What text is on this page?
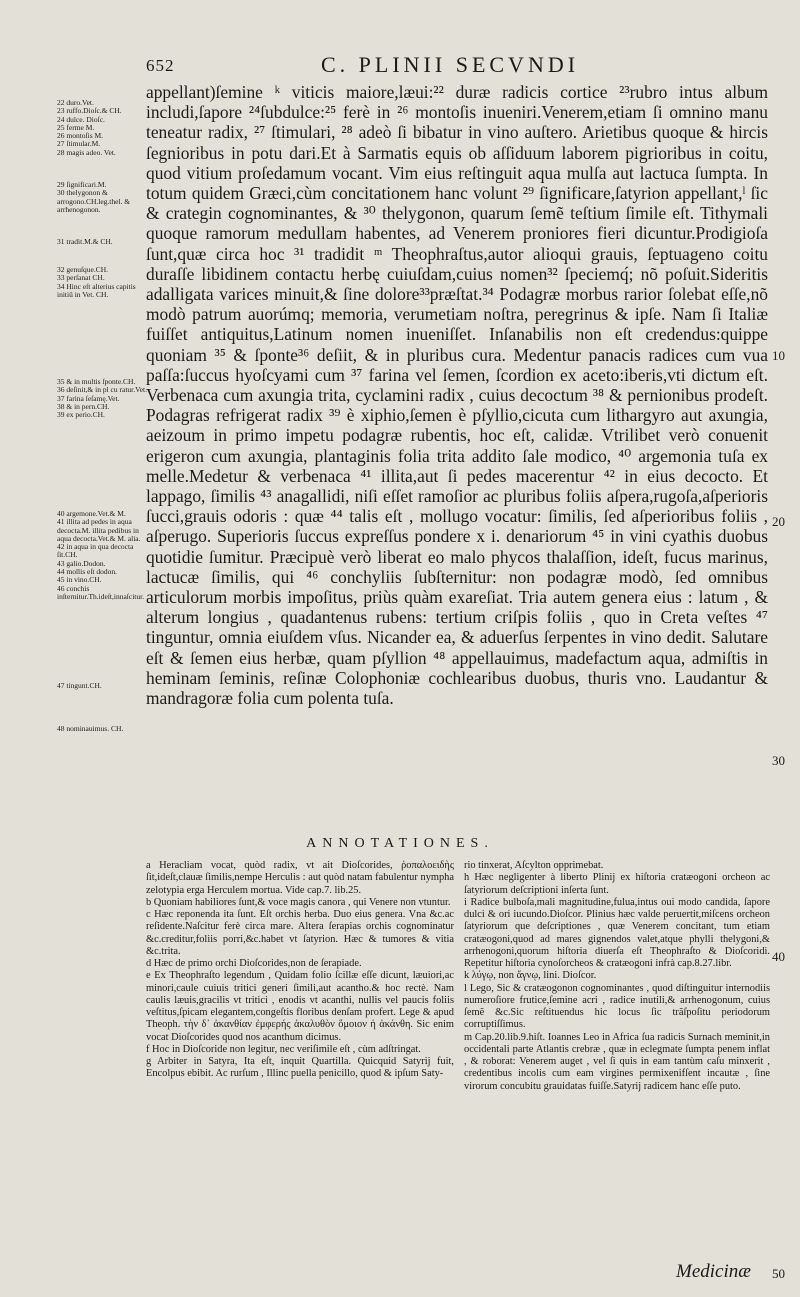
652	C. PLINII SECVNDI
22 duro.Vet.
23 ruffo.Dioſc.& CH.
24 dulce. Dioſc.
25 ferme M.
26 montoſis M.
27 ſtimular.M.
28 magis adeo. Vet.
29 ſignificari.M.
30 thelygonon & arrogono.CH.leg.thel. & arrhenogonon.
31 tradit.M.& CH.
32 genuſque.CH.
33 perſanat CH.
34 Hinc eſt alterius capitis initiũ in Vet. CH.
35 & in multis ſponte.CH.
36 deſinit,& in pl cu ratur.Vet.
37 farina ſeſamę.Vet.
38 & in pern.CH.
39 ex perio.CH.
40 argemone.Vet.& M.
41 illita ad pedes in aqua decocta.M. illita pedibus in aqua decocta.Vet.& M. alia.
42 in aqua in qua decocta ſit.CH.
43 galio.Dodon.
44 mollis eſt dodon.
45 in vino.CH.
46 conchis inſternitur.Th.ideſt,innaſcitur.
47 tingunt.CH.
48 nominauimus. CH.

appellant)ſemine ᵏ viticis maiore,læui:²² duræ radicis cortice ²³rubro intus album includi,ſapore ²⁴ſubdulce:²⁵ ferè in ²⁶ montoſis inueniri.Venerem,etiam ſi omnino manu teneatur radix, ²⁷ ſtimulari, ²⁸ adeò ſi bibatur in vino auſtero. Arietibus quoque & hircis ſegnioribus in potu dari.Et à Sarmatis equis ob aſſiduum laborem pigrioribus in coitu, quod vitium proſedamum vocant. Vim eius reſtinguit aqua mulſa aut lactuca ſumpta. In totum quidem Græci,cùm concitationem hanc volunt ²⁹ ſignificare,ſatyrion appellant,ˡ ſic & crategin cognominantes, & ³⁰ thelygonon, quarum ſemẽ teſtium ſimile eſt. Tithymali quoque ramorum medullam habentes, ad Venerem proniores fieri dicuntur.Prodigioſa ſunt,quæ circa hoc ³¹ tradidit ᵐ Theophraſtus,autor alioqui grauis, ſeptuageno coitu duraſſe libidinem contactu herbę cuiuſdam,cuius nomen³² ſpeciemq́; nõ poſuit.Sideritis adalligata varices minuit,& ſine dolore³³præſtat.³⁴ Podagræ morbus rarior ſolebat eſſe,nõ modò patrum auorúmq; memoria, verumetiam noſtra, peregrinus & ipſe. Nam ſi Italiæ fuiſſet antiquitus,Latinum nomen inueniſſet. Inſanabilis non eſt credendus:quippe quoniam ³⁵ & ſponte³⁶ deſiit, & in pluribus cura. Medentur panacis radices cum vua paſſa:ſuccus hyoſcyami cum ³⁷ farina vel ſemen, ſcordion ex aceto:iberis,vti dictum eſt. Verbenaca cum axungia trita, cyclamini radix , cuius decoctum ³⁸ & pernionibus prodeſt. Podagras refrigerat radix ³⁹ è xiphio,ſemen è pſyllio,cicuta cum lithargyro aut axungia, aeizoum in primo impetu podagræ rubentis, hoc eſt, calidæ. Vtrilibet verò conuenit erigeron cum axungia, plantaginis folia trita addito ſale modico, ⁴⁰ argemonia tuſa ex melle.Medetur & verbenaca ⁴¹ illita,aut ſi pedes macerentur ⁴² in eius decocto. Et lappago, ſimilis ⁴³ anagallidi, niſi eſſet ramoſior ac pluribus foliis aſpera,rugoſa,aſperioris ſucci,grauis odoris : quæ ⁴⁴ talis eſt , mollugo vocatur: ſimilis, ſed aſperioribus foliis , aſperugo. Superioris ſuccus expreſſus pondere x i. denariorum ⁴⁵ in vini cyathis duobus quotidie ſumitur. Præcipuè verò liberat eo malo phycos thalaſſion, ideſt, fucus marinus, lactucæ ſimilis, qui ⁴⁶ conchyliis ſubſternitur: non podagræ modò, ſed omnibus articulorum morbis impoſitus, priùs quàm exareſiat. Tria autem genera eius : latum , & alterum longius , quadantenus rubens: tertium criſpis foliis , quo in Creta veſtes ⁴⁷ tinguntur, omnia eiuſdem vſus. Nicander ea, & aduerſus ſerpentes in vino dedit. Salutare eſt & ſemen eius herbæ, quam pſyllion ⁴⁸ appellauimus, madefactum aqua, admiſtis in heminam ſeminis, reſinæ Colophoniæ cochlearibus duobus, thuris vno. Laudantur & mandragoræ folia cum polenta tuſa.

10
20
30
40
50
ANNOTATIONES.

a Heracliam vocat, quòd radix, vt ait Dioſcorides, ῥοπαλοειδὴς ſit,ideſt,clauæ ſimilis,nempe Herculis : aut quòd natam fabulentur nympha zelotypia erga Herculem mortua. Vide cap.7. lib.25.

b Quoniam habiliores ſunt,& voce magis canora , qui Venere non vtuntur.

c Hæc reponenda ita ſunt. Eſt orchis herba. Duo eius genera. Vna &c.ac reſidente.Naſcitur ferè circa mare. Altera ſerapias orchis cognominatur &c.creditur,foliis porri,&c.habet vt ſatyrion. Hæc & tumores & vitia &c.trita.

d Hæc de primo orchi Dioſcorides,non de ſerapiade.

e Ex Theophraſto legendum , Quidam folio ſcillæ eſſe dicunt, læuiori,ac minori,caule cuiuis tritici generi ſimili,aut acantho.& hoc rectè. Nam caulis læuis,gracilis vt tritici , enodis vt acanthi, nullis vel paucis foliis veſtitus,ſpicam elegantem,congeſtis floribus denſam profert. Lege & apud Theoph. τὴν δ᾽ ἀκανθίαν ἐμφερής ἀκαλυθὸν ὅμοιον ἡ ἀκάνθη. Sic enim vocat Dioſcorides quod nos acanthum dicimus.

f Hoc in Dioſcoride non legitur, nec veriſimile eſt , cùm adſtringat.

g Arbiter in Satyra, Ita eſt, inquit Quartilla. Quicquid Satyrij fuit, Encolpus ebibit. Ac rurſum , Illinc puella penicillo, quod & ipſum Saty-

rio tinxerat, Aſcylton opprimebat.

h Hæc negligenter à liberto Plinij ex hiſtoria cratæogoni orcheon ac ſatyriorum deſcriptioni inſerta ſunt.

i Radice bulboſa,mali magnitudine,fulua,intus oui modo candida, ſapore dulci & ori iucundo.Dioſcor. Plinius hæc valde peruertit,miſcens orcheon ſatyriorum que deſcriptiones , quæ Venerem concitant, tum etiam cratæogoni,quod ad mares gignendos valet,atque phylli thelygoni,& arrhenogoni,quorum hiſtoria diuerſa eſt Theophraſto & Dioſcoridi. Repetitur hiſtoria cynoſorcheos & cratæogoni infrà cap.8.27.libr.

k λύγῳ, non ἄγνῳ, lini. Dioſcor.

l Lego, Sic & cratæogonon cognominantes , quod diſtinguitur internodiis numeroſiore frutice,ſemine acri , radice inutili,& arrhenogonum, cuius ſemẽ &c.Sic reſtituendus hic locus ſic trãſpoſitu periodorum corruptiſſimus.

m Cap.20.lib.9.hiſt. Ioannes Leo in Africa ſua radicis Surnach meminit,in occidentali parte Atlantis crebræ , quæ in eclegmate ſumpta penem inflat , & roborat: Venerem auget , vel ſi quis in eam tantùm caſu minxerit , credentibus incolis cum eam virgines permixenifſent incautæ , ſine virorum concubitu grauidatas fuiſſe.Satyrij radicem hanc eſſe puto.

Medicinæ
